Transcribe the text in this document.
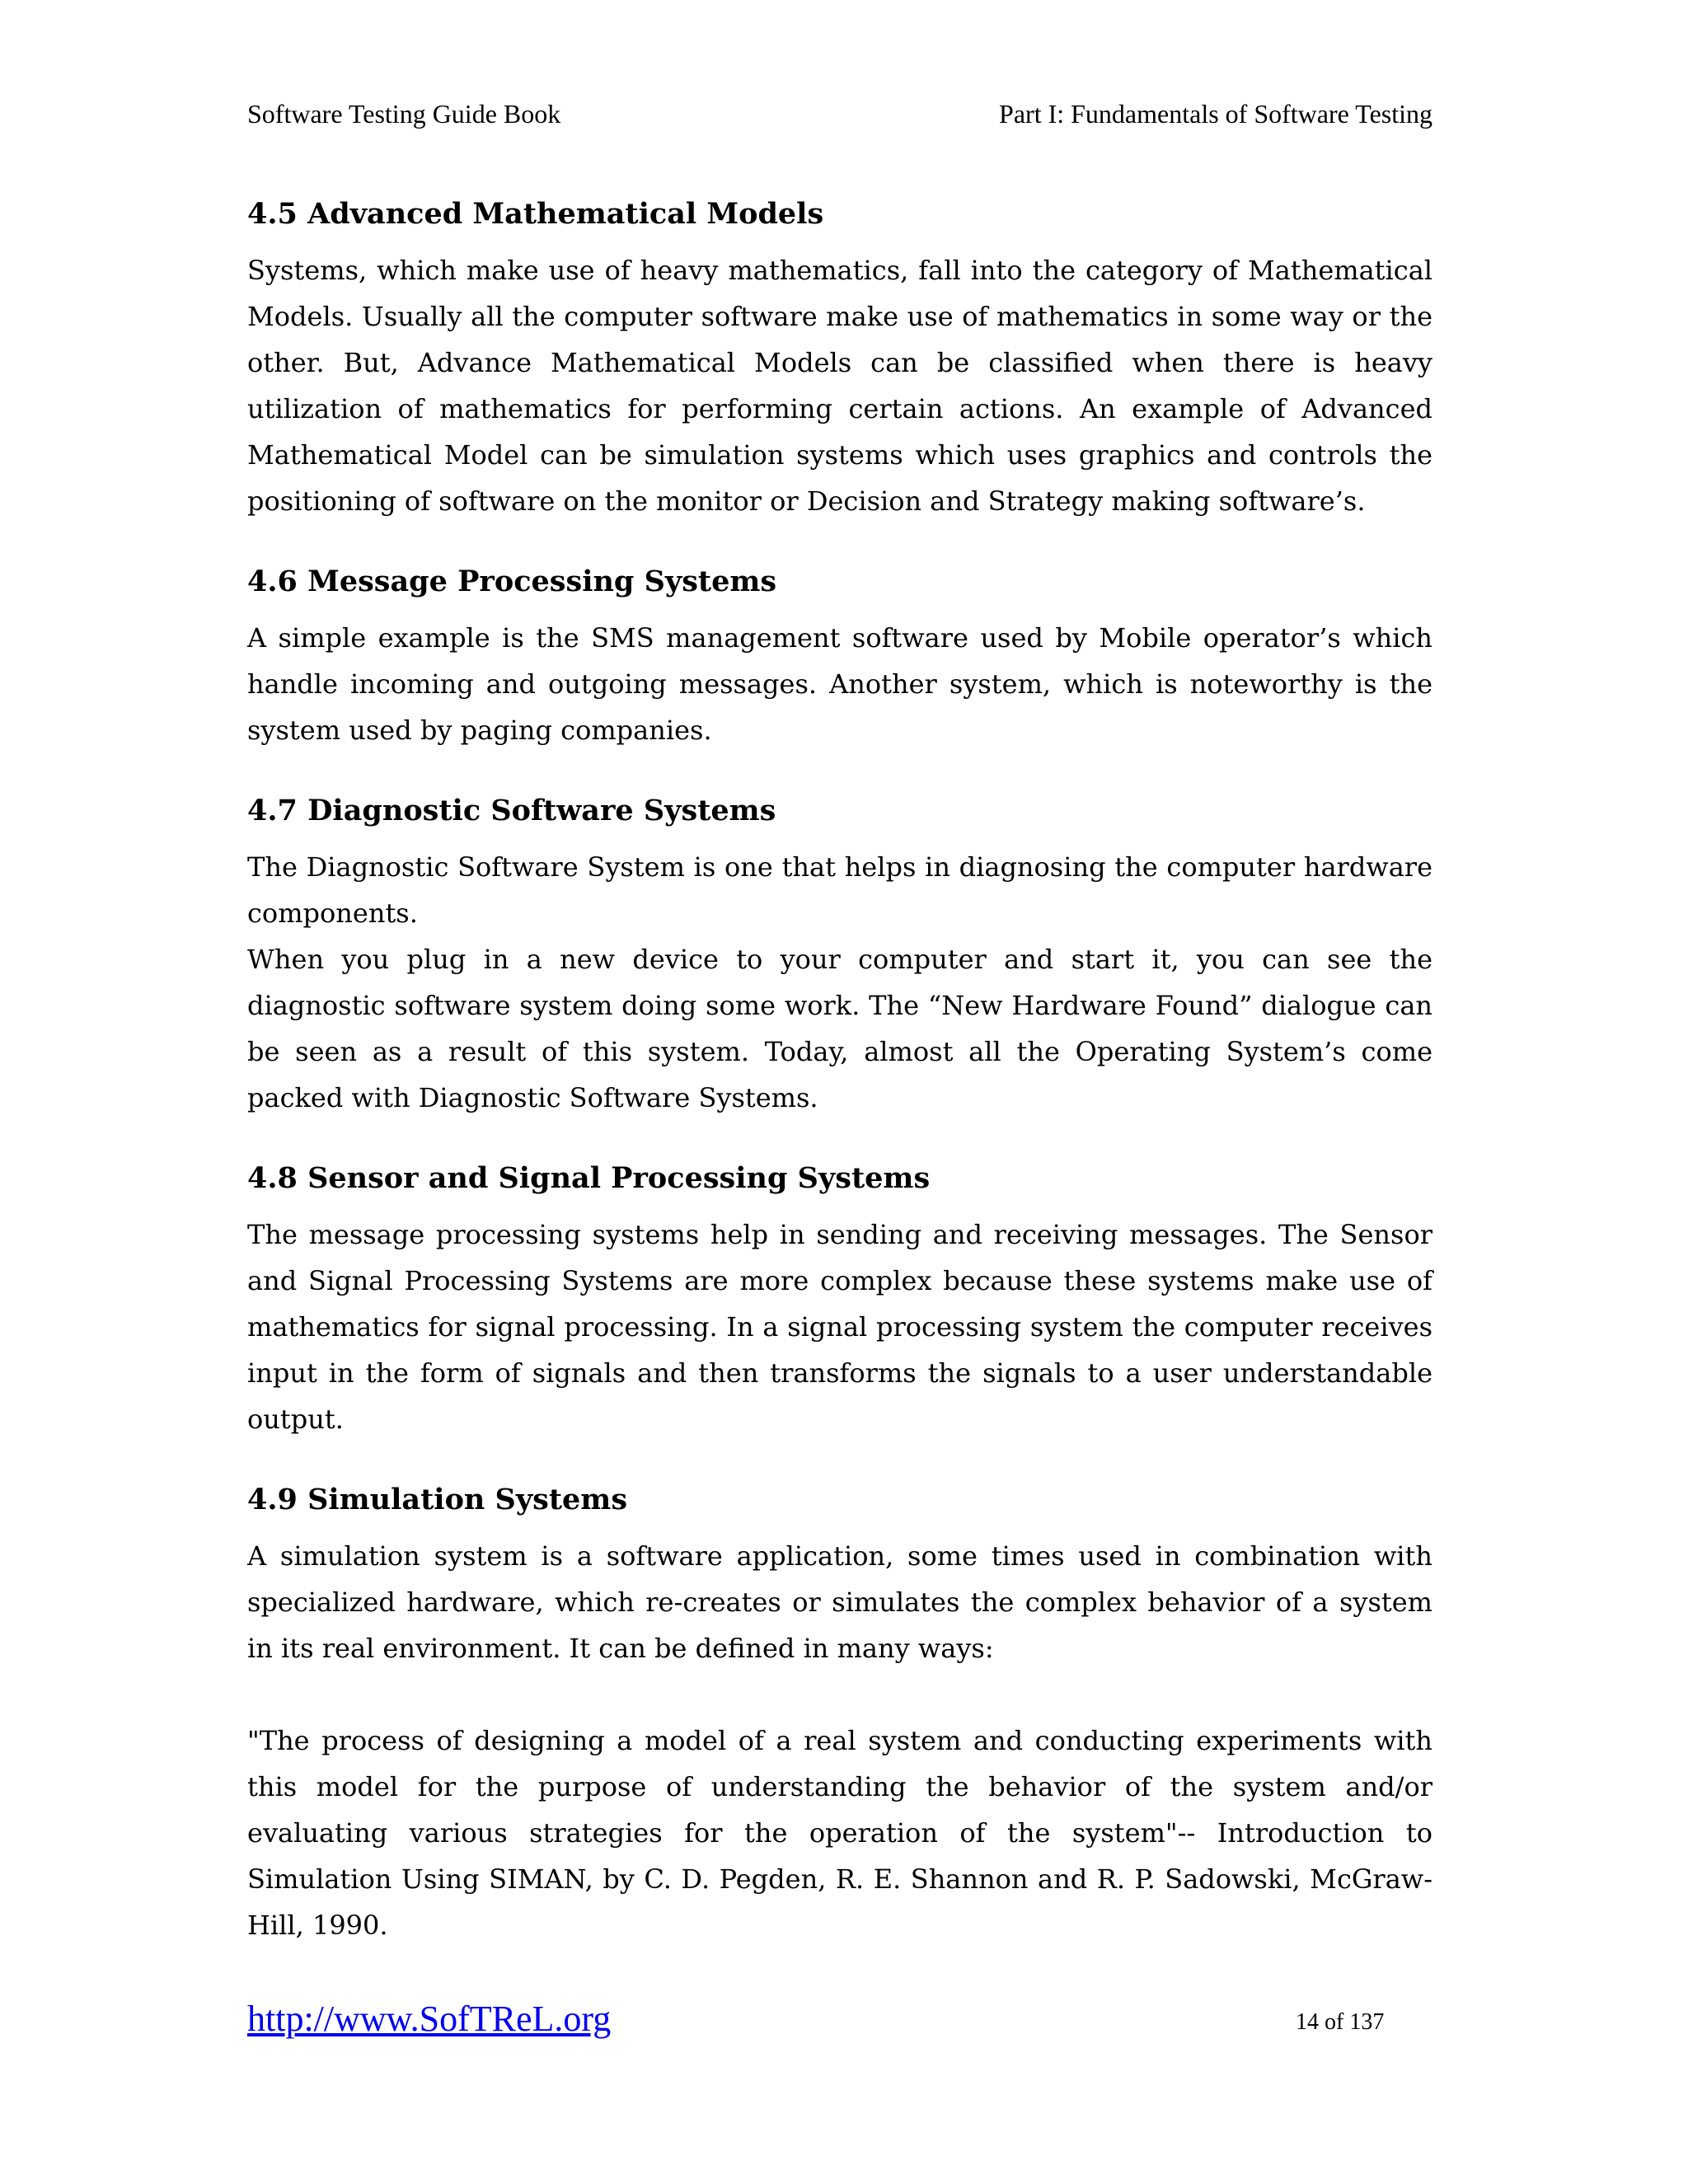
Software Testing Guide Book	Part I: Fundamentals of Software Testing
4.5 Advanced Mathematical Models

Systems, which make use of heavy mathematics, fall into the category of Mathematical Models. Usually all the computer software make use of mathematics in some way or the other. But, Advance Mathematical Models can be classified when there is heavy utilization of mathematics for performing certain actions. An example of Advanced Mathematical Model can be simulation systems which uses graphics and controls the positioning of software on the monitor or Decision and Strategy making software’s.

4.6 Message Processing Systems

A simple example is the SMS management software used by Mobile operator’s which handle incoming and outgoing messages. Another system, which is noteworthy is the system used by paging companies.

4.7 Diagnostic Software Systems

The Diagnostic Software System is one that helps in diagnosing the computer hardware components.

When you plug in a new device to your computer and start it, you can see the diagnostic software system doing some work. The “New Hardware Found” dialogue can be seen as a result of this system. Today, almost all the Operating System’s come packed with Diagnostic Software Systems.

4.8 Sensor and Signal Processing Systems

The message processing systems help in sending and receiving messages. The Sensor and Signal Processing Systems are more complex because these systems make use of mathematics for signal processing. In a signal processing system the computer receives input in the form of signals and then transforms the signals to a user understandable output.

4.9 Simulation Systems

A simulation system is a software application, some times used in combination with specialized hardware, which re-creates or simulates the complex behavior of a system in its real environment. It can be defined in many ways:

"The process of designing a model of a real system and conducting experiments with this model for the purpose of understanding the behavior of the system and/or evaluating various strategies for the operation of the system"-- Introduction to Simulation Using SIMAN, by C. D. Pegden, R. E. Shannon and R. P. Sadowski, McGraw-Hill, 1990.

http://www.SofTReL.org	14 of 137
